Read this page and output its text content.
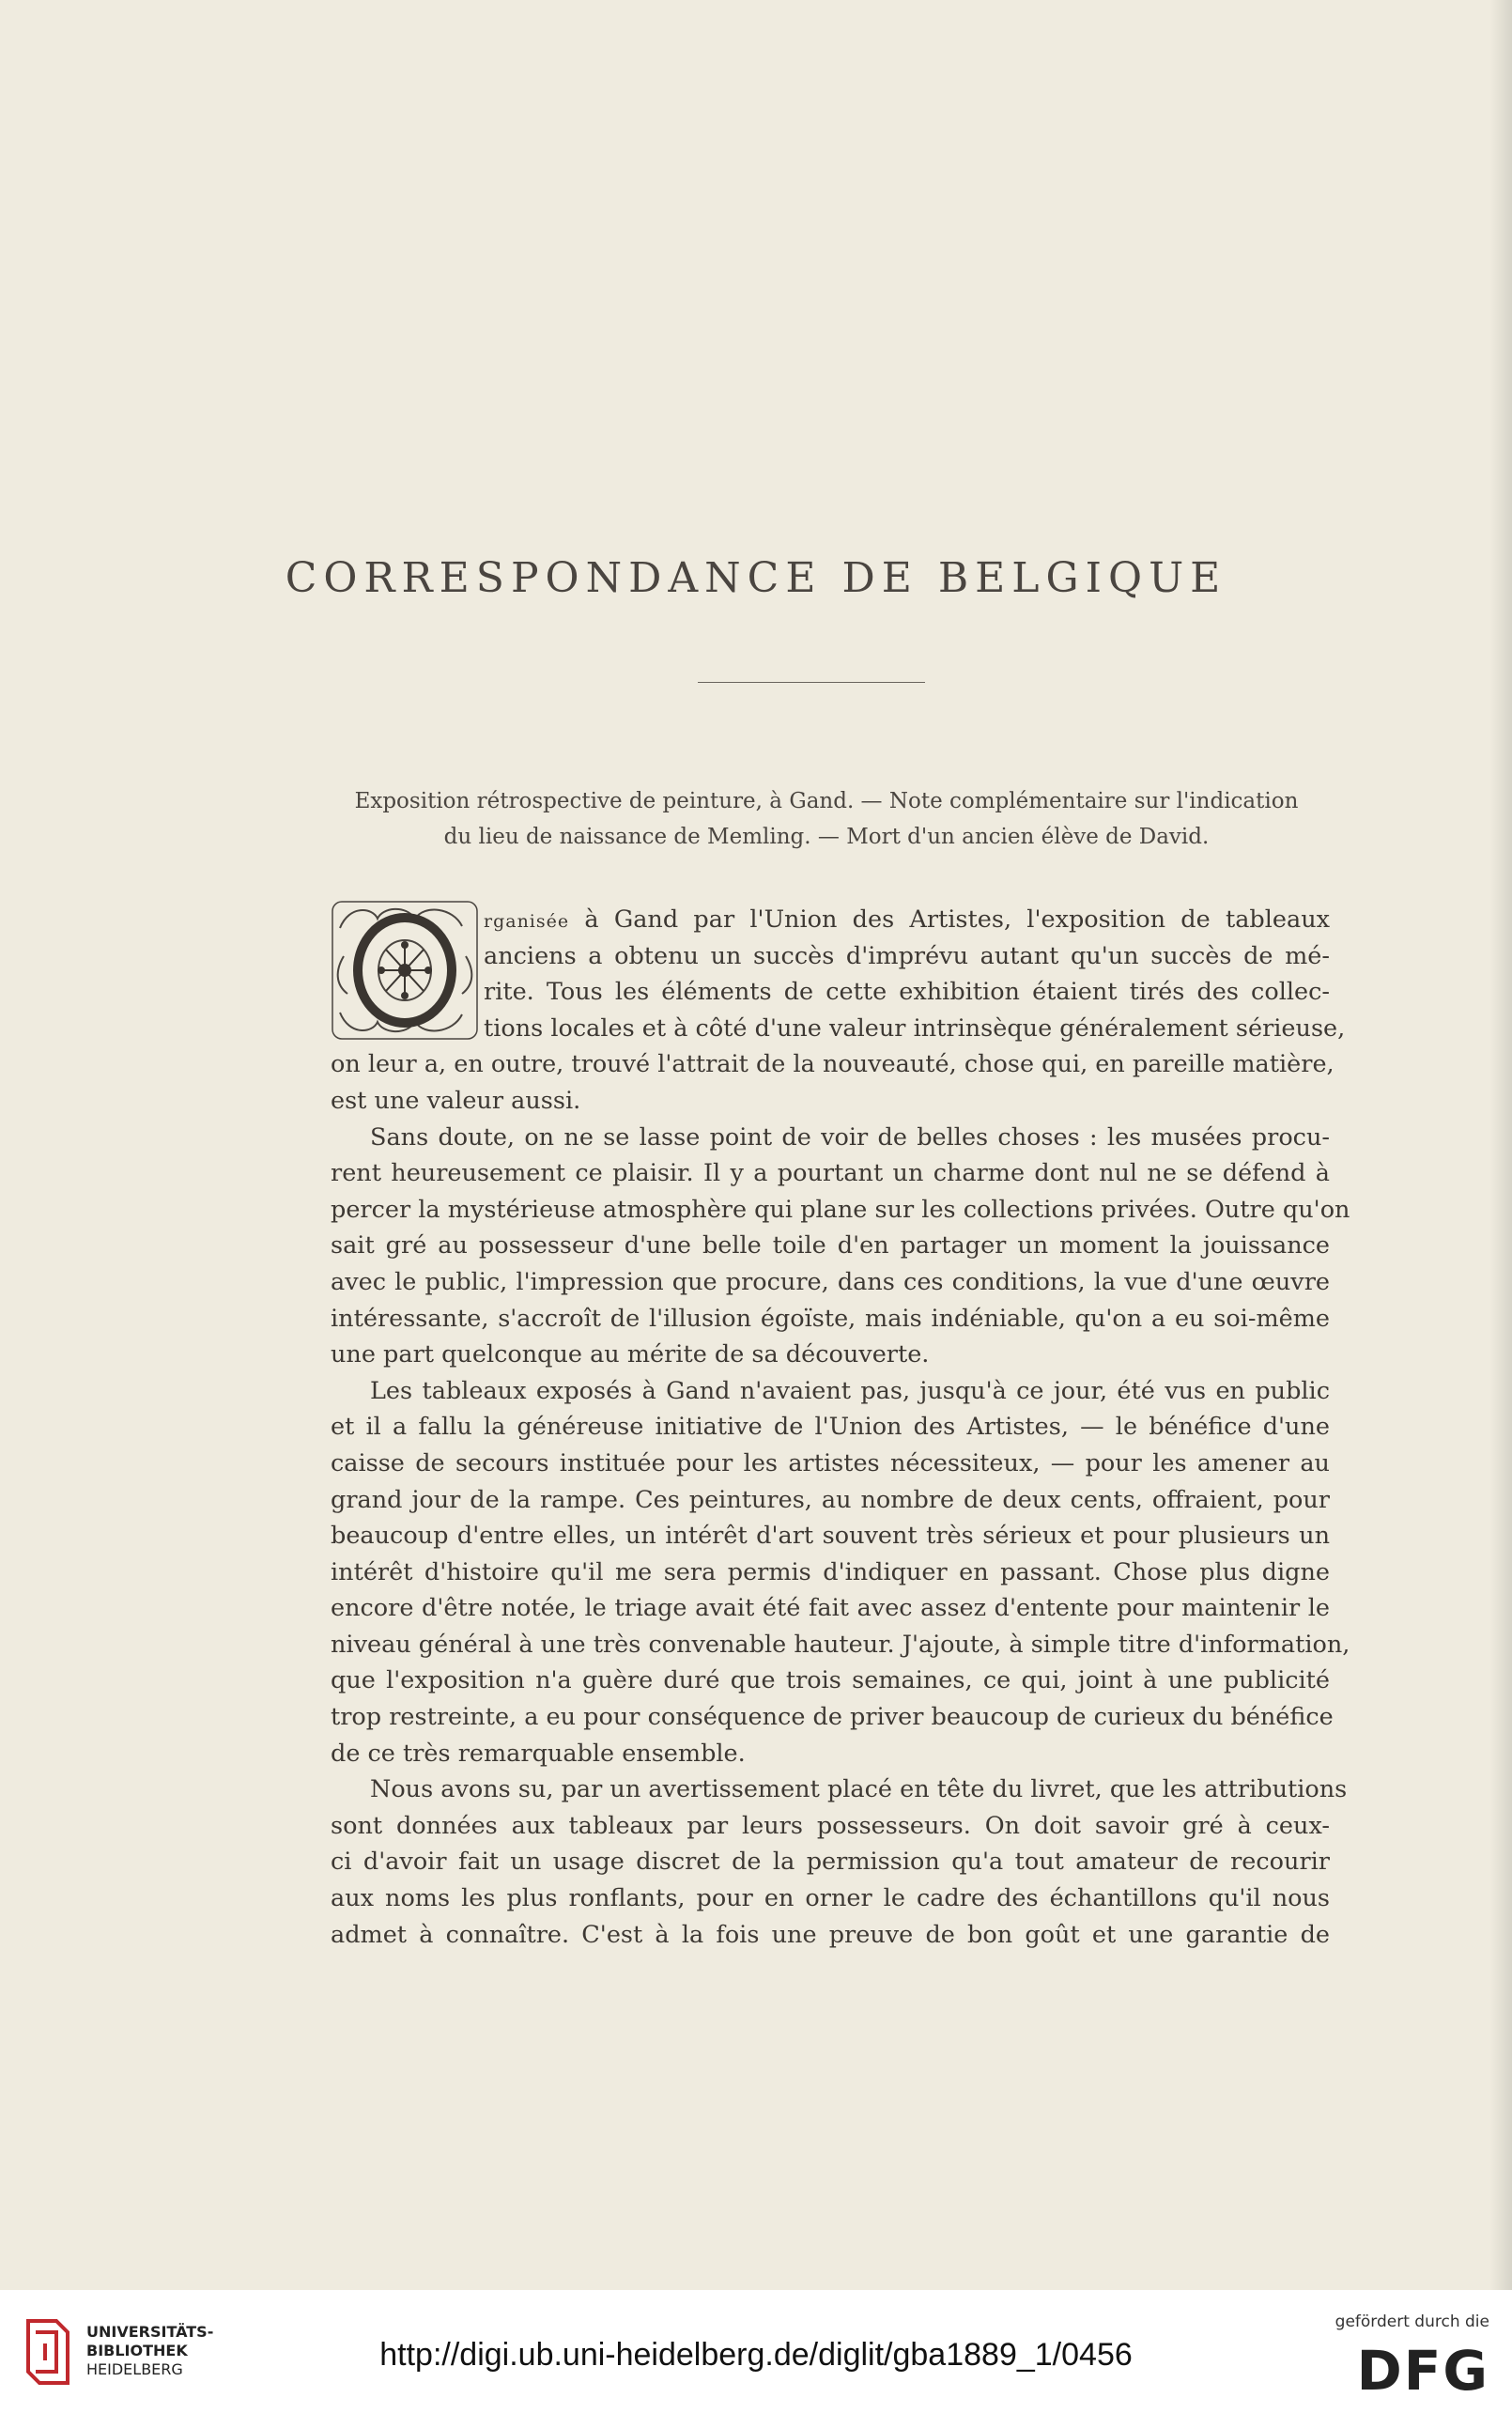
CORRESPONDANCE DE BELGIQUE
Exposition rétrospective de peinture, à Gand. — Note complémentaire sur l'indication
du lieu de naissance de Memling. — Mort d'un ancien élève de David.
O
rganisée à Gand par l'Union des Artistes, l'exposition de tableaux
anciens a obtenu un succès d'imprévu autant qu'un succès de mé-
rite. Tous les éléments de cette exhibition étaient tirés des collec-
tions locales et à côté d'une valeur intrinsèque généralement sérieuse,
on leur a, en outre, trouvé l'attrait de la nouveauté, chose qui, en pareille matière,
est une valeur aussi.
Sans doute, on ne se lasse point de voir de belles choses : les musées procu-
rent heureusement ce plaisir. Il y a pourtant un charme dont nul ne se défend à
percer la mystérieuse atmosphère qui plane sur les collections privées. Outre qu'on
sait gré au possesseur d'une belle toile d'en partager un moment la jouissance
avec le public, l'impression que procure, dans ces conditions, la vue d'une œuvre
intéressante, s'accroît de l'illusion égoïste, mais indéniable, qu'on a eu soi-même
une part quelconque au mérite de sa découverte.
Les tableaux exposés à Gand n'avaient pas, jusqu'à ce jour, été vus en public
et il a fallu la généreuse initiative de l'Union des Artistes, — le bénéfice d'une
caisse de secours instituée pour les artistes nécessiteux, — pour les amener au
grand jour de la rampe. Ces peintures, au nombre de deux cents, offraient, pour
beaucoup d'entre elles, un intérêt d'art souvent très sérieux et pour plusieurs un
intérêt d'histoire qu'il me sera permis d'indiquer en passant. Chose plus digne
encore d'être notée, le triage avait été fait avec assez d'entente pour maintenir le
niveau général à une très convenable hauteur. J'ajoute, à simple titre d'information,
que l'exposition n'a guère duré que trois semaines, ce qui, joint à une publicité
trop restreinte, a eu pour conséquence de priver beaucoup de curieux du bénéfice
de ce très remarquable ensemble.
Nous avons su, par un avertissement placé en tête du livret, que les attributions
sont données aux tableaux par leurs possesseurs. On doit savoir gré à ceux-
ci d'avoir fait un usage discret de la permission qu'a tout amateur de recourir
aux noms les plus ronflants, pour en orner le cadre des échantillons qu'il nous
admet à connaître. C'est à la fois une preuve de bon goût et une garantie de
UNIVERSITÄTS-
BIBLIOTHEK
HEIDELBERG	http://digi.ub.uni-heidelberg.de/diglit/gba1889_1/0456
gefördert durch die
DFG
